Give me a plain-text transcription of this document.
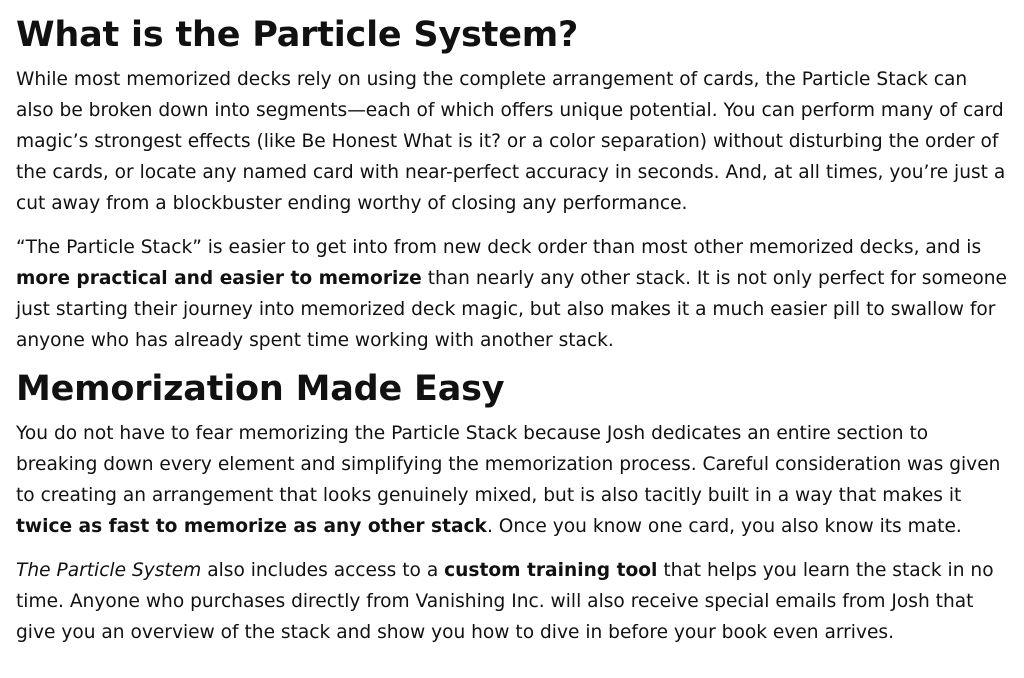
What is the Particle System?

While most memorized decks rely on using the complete arrangement of cards, the Particle Stack can also be broken down into segments—each of which offers unique potential. You can perform many of card magic’s strongest effects (like Be Honest What is it? or a color separation) without disturbing the order of the cards, or locate any named card with near-perfect accuracy in seconds. And, at all times, you’re just a cut away from a blockbuster ending worthy of closing any performance.

“The Particle Stack” is easier to get into from new deck order than most other memorized decks, and is more practical and easier to memorize than nearly any other stack. It is not only perfect for someone just starting their journey into memorized deck magic, but also makes it a much easier pill to swallow for anyone who has already spent time working with another stack.

Memorization Made Easy

You do not have to fear memorizing the Particle Stack because Josh dedicates an entire section to breaking down every element and simplifying the memorization process. Careful consideration was given to creating an arrangement that looks genuinely mixed, but is also tacitly built in a way that makes it twice as fast to memorize as any other stack. Once you know one card, you also know its mate.

The Particle System also includes access to a custom training tool that helps you learn the stack in no time. Anyone who purchases directly from Vanishing Inc. will also receive special emails from Josh that give you an overview of the stack and show you how to dive in before your book even arrives.
